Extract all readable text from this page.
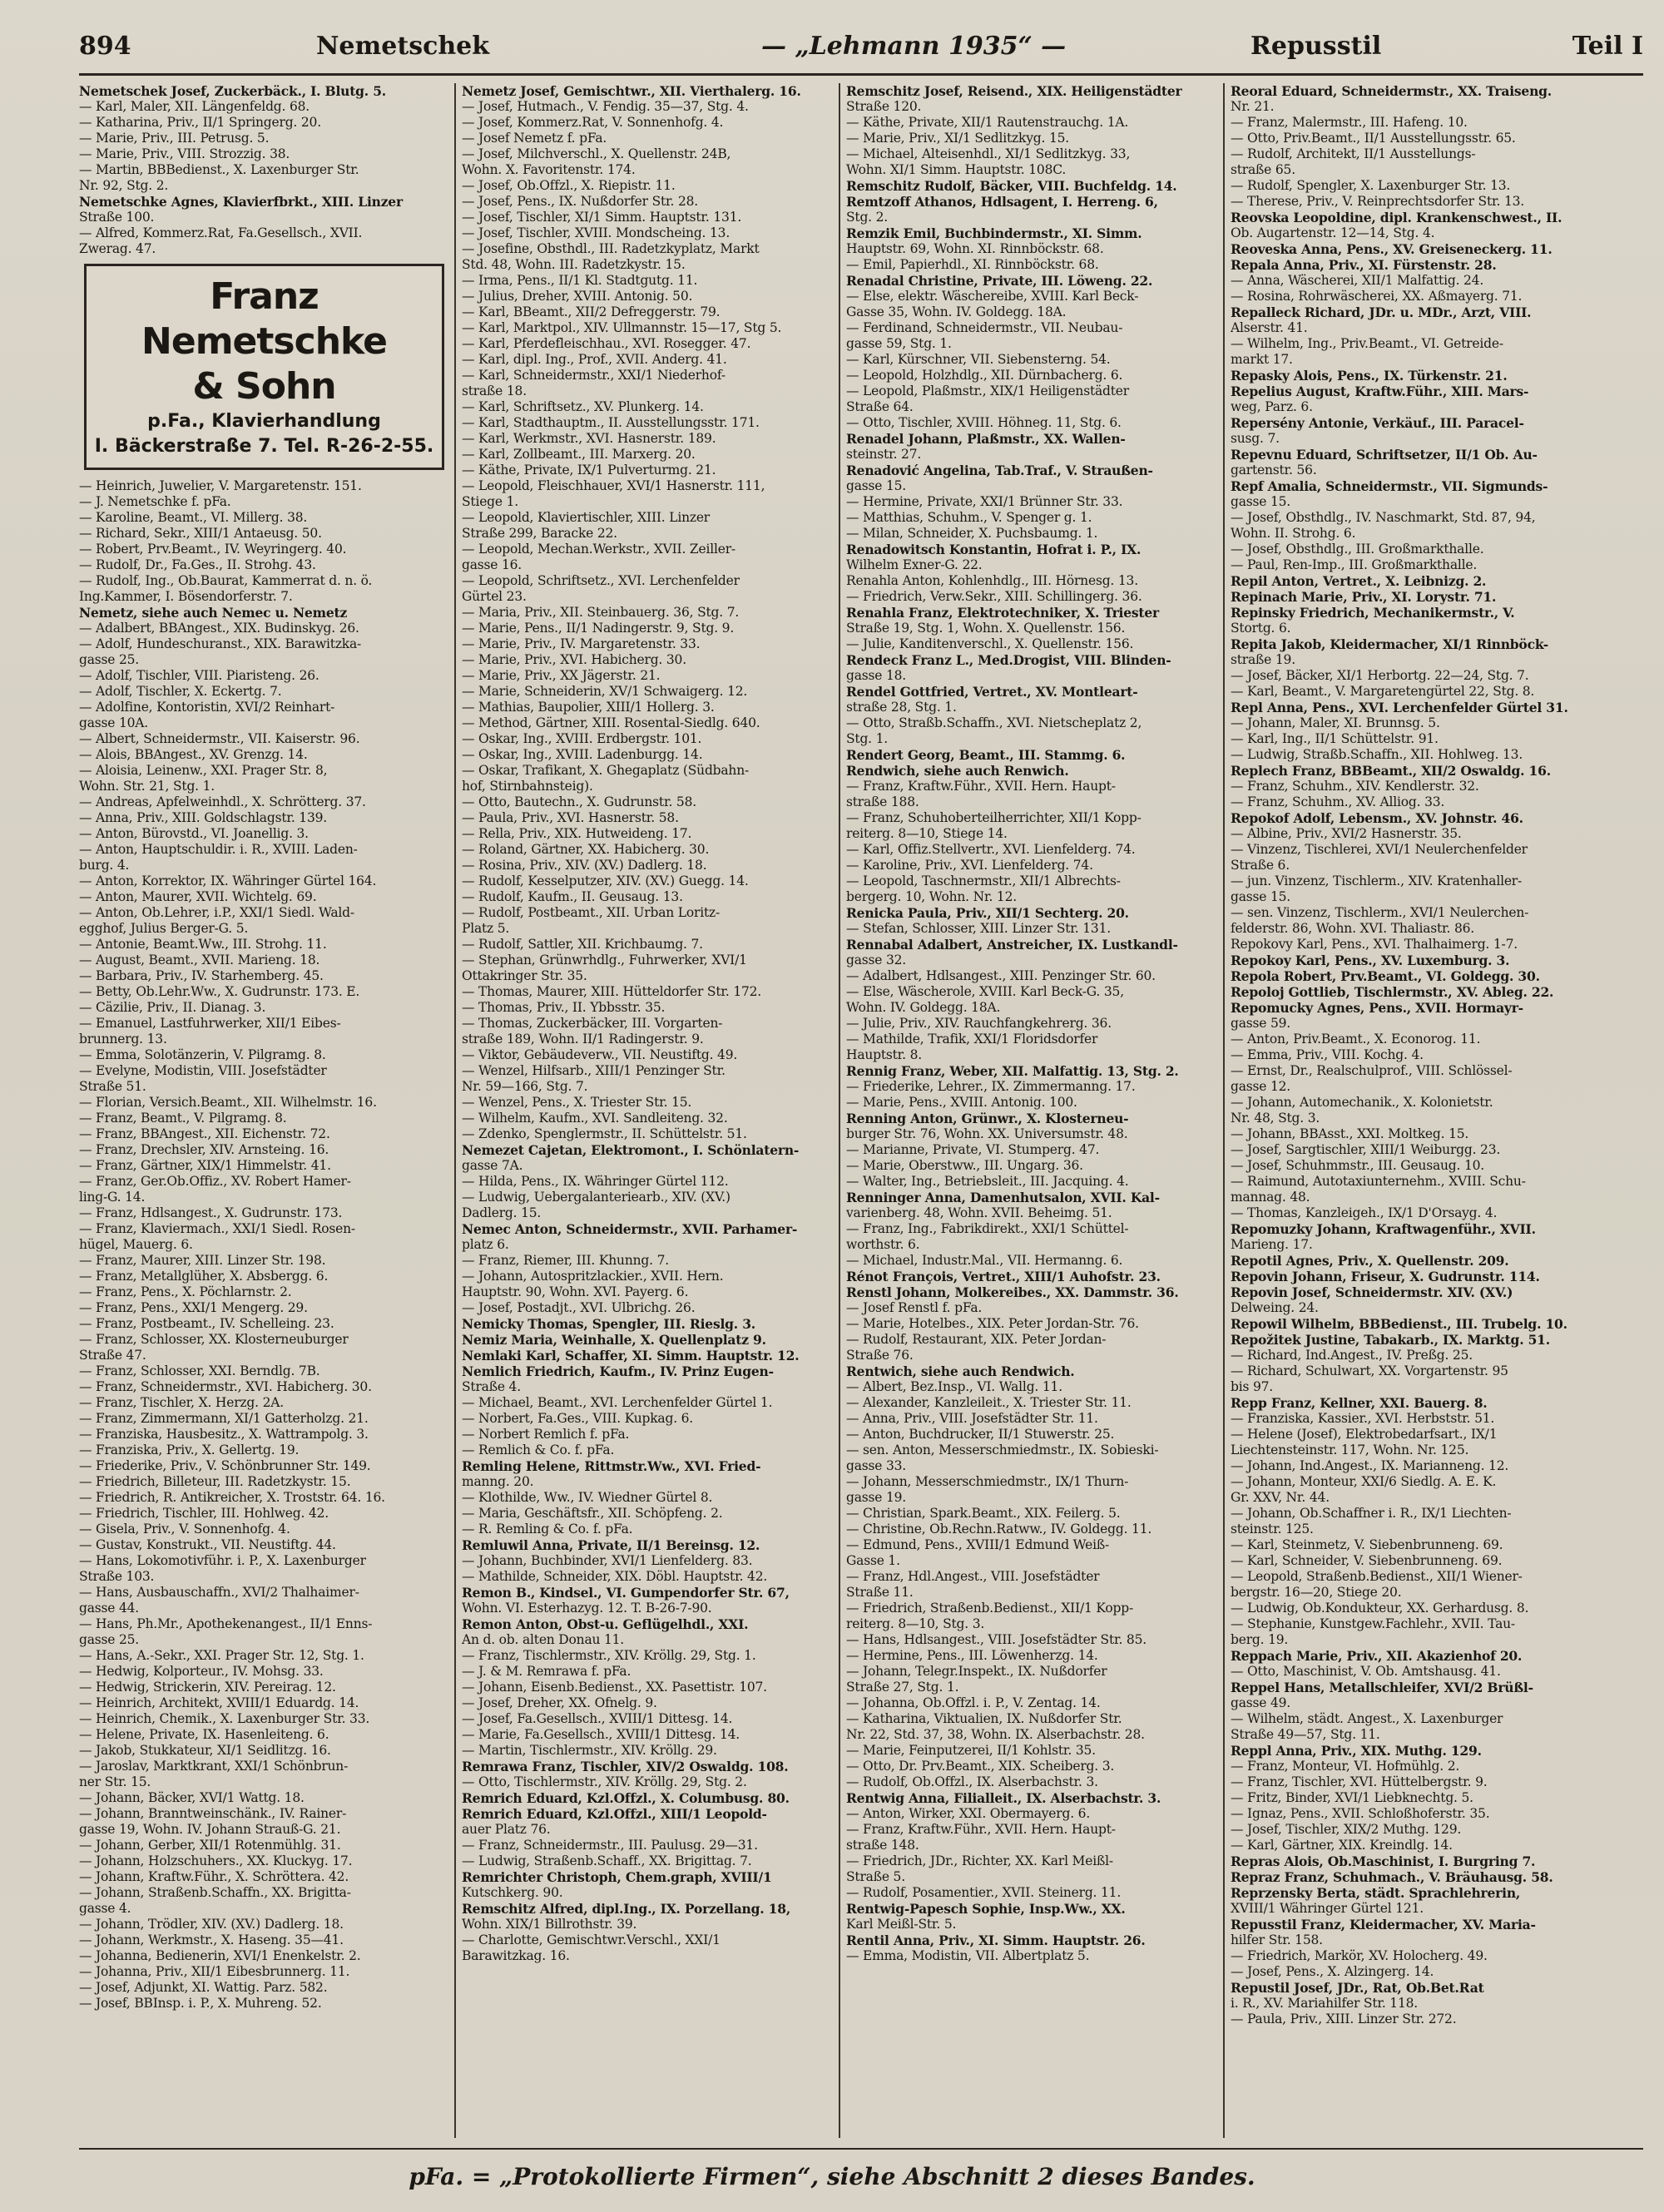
894	Nemetschek	— „Lehmann 1935“ —	Repusstil	Teil I
Nemetschek Josef, Zuckerbäck., I. Blutg. 5.
— Karl, Maler, XII. Längenfeldg. 68.
— Katharina, Priv., II/1 Springerg. 20.
— Marie, Priv., III. Petrusg. 5.
— Marie, Priv., VIII. Strozzig. 38.
— Martin, BBBedienst., X. Laxenburger Str.
Nr. 92, Stg. 2.
Nemetschke Agnes, Klavierfbrkt., XIII. Linzer
Straße 100.
— Alfred, Kommerz.Rat, Fa.Gesellsch., XVII.
Zwerag. 47.
Franz Nemetschke
& Sohn
p.Fa., Klavierhandlung
I. Bäckerstraße 7. Tel. R-26-2-55.
— Heinrich, Juwelier, V. Margaretenstr. 151.
— J. Nemetschke f. pFa.
— Karoline, Beamt., VI. Millerg. 38.
— Richard, Sekr., XIII/1 Antaeusg. 50.
— Robert, Prv.Beamt., IV. Weyringerg. 40.
— Rudolf, Dr., Fa.Ges., II. Strohg. 43.
— Rudolf, Ing., Ob.Baurat, Kammerrat d. n. ö.
Ing.Kammer, I. Bösendorferstr. 7.
Nemetz, siehe auch Nemec u. Nemetz
— Adalbert, BBAngest., XIX. Budinskyg. 26.
— Adolf, Hundeschuranst., XIX. Barawitzka-
gasse 25.
— Adolf, Tischler, VIII. Piaristeng. 26.
— Adolf, Tischler, X. Eckertg. 7.
— Adolfine, Kontoristin, XVI/2 Reinhart-
gasse 10A.
— Albert, Schneidermstr., VII. Kaiserstr. 96.
— Alois, BBAngest., XV. Grenzg. 14.
— Aloisia, Leinenw., XXI. Prager Str. 8,
Wohn. Str. 21, Stg. 1.
— Andreas, Apfelweinhdl., X. Schrötterg. 37.
— Anna, Priv., XIII. Goldschlagstr. 139.
— Anton, Bürovstd., VI. Joanellig. 3.
— Anton, Hauptschuldir. i. R., XVIII. Laden-
burg. 4.
— Anton, Korrektor, IX. Währinger Gürtel 164.
— Anton, Maurer, XVII. Wichtelg. 69.
— Anton, Ob.Lehrer, i.P., XXI/1 Siedl. Wald-
egghof, Julius Berger-G. 5.
— Antonie, Beamt.Ww., III. Strohg. 11.
— August, Beamt., XVII. Marieng. 18.
— Barbara, Priv., IV. Starhemberg. 45.
— Betty, Ob.Lehr.Ww., X. Gudrunstr. 173. E.
— Cäzilie, Priv., II. Dianag. 3.
— Emanuel, Lastfuhrwerker, XII/1 Eibes-
brunnerg. 13.
— Emma, Solotänzerin, V. Pilgramg. 8.
— Evelyne, Modistin, VIII. Josefstädter
Straße 51.
— Florian, Versich.Beamt., XII. Wilhelmstr. 16.
— Franz, Beamt., V. Pilgramg. 8.
— Franz, BBAngest., XII. Eichenstr. 72.
— Franz, Drechsler, XIV. Arnsteing. 16.
— Franz, Gärtner, XIX/1 Himmelstr. 41.
— Franz, Ger.Ob.Offiz., XV. Robert Hamer-
ling-G. 14.
— Franz, Hdlsangest., X. Gudrunstr. 173.
— Franz, Klaviermach., XXI/1 Siedl. Rosen-
hügel, Mauerg. 6.
— Franz, Maurer, XIII. Linzer Str. 198.
— Franz, Metallglüher, X. Absbergg. 6.
— Franz, Pens., X. Pöchlarnstr. 2.
— Franz, Pens., XXI/1 Mengerg. 29.
— Franz, Postbeamt., IV. Schelleing. 23.
— Franz, Schlosser, XX. Klosterneuburger
Straße 47.
— Franz, Schlosser, XXI. Berndlg. 7B.
— Franz, Schneidermstr., XVI. Habicherg. 30.
— Franz, Tischler, X. Herzg. 2A.
— Franz, Zimmermann, XI/1 Gatterholzg. 21.
— Franziska, Hausbesitz., X. Wattrampolg. 3.
— Franziska, Priv., X. Gellertg. 19.
— Friederike, Priv., V. Schönbrunner Str. 149.
— Friedrich, Billeteur, III. Radetzkystr. 15.
— Friedrich, R. Antikreicher, X. Troststr. 64. 16.
— Friedrich, Tischler, III. Hohlweg. 42.
— Gisela, Priv., V. Sonnenhofg. 4.
— Gustav, Konstrukt., VII. Neustiftg. 44.
— Hans, Lokomotivführ. i. P., X. Laxenburger
Straße 103.
— Hans, Ausbauschaffn., XVI/2 Thalhaimer-
gasse 44.
— Hans, Ph.Mr., Apothekenangest., II/1 Enns-
gasse 25.
— Hans, A.-Sekr., XXI. Prager Str. 12, Stg. 1.
— Hedwig, Kolporteur., IV. Mohsg. 33.
— Hedwig, Strickerin, XIV. Pereirag. 12.
— Heinrich, Architekt, XVIII/1 Eduardg. 14.
— Heinrich, Chemik., X. Laxenburger Str. 33.
— Helene, Private, IX. Hasenleiteng. 6.
— Jakob, Stukkateur, XI/1 Seidlitzg. 16.
— Jaroslav, Marktkrant, XXI/1 Schönbrun-
ner Str. 15.
— Johann, Bäcker, XVI/1 Wattg. 18.
— Johann, Branntweinschänk., IV. Rainer-
gasse 19, Wohn. IV. Johann Strauß-G. 21.
— Johann, Gerber, XII/1 Rotenmühlg. 31.
— Johann, Holzschuhers., XX. Kluckyg. 17.
— Johann, Kraftw.Führ., X. Schröttera. 42.
— Johann, Straßenb.Schaffn., XX. Brigitta-
gasse 4.
— Johann, Trödler, XIV. (XV.) Dadlerg. 18.
— Johann, Werkmstr., X. Haseng. 35—41.
— Johanna, Bedienerin, XVI/1 Enenkelstr. 2.
— Johanna, Priv., XII/1 Eibesbrunnerg. 11.
— Josef, Adjunkt, XI. Wattig. Parz. 582.
— Josef, BBInsp. i. P., X. Muhreng. 52.
Nemetz Josef, Gemischtwr., XII. Vierthalerg. 16.
— Josef, Hutmach., V. Fendig. 35—37, Stg. 4.
— Josef, Kommerz.Rat, V. Sonnenhofg. 4.
— Josef Nemetz f. pFa.
— Josef, Milchverschl., X. Quellenstr. 24B,
Wohn. X. Favoritenstr. 174.
— Josef, Ob.Offzl., X. Riepistr. 11.
— Josef, Pens., IX. Nußdorfer Str. 28.
— Josef, Tischler, XI/1 Simm. Hauptstr. 131.
— Josef, Tischler, XVIII. Mondscheing. 13.
— Josefine, Obsthdl., III. Radetzkyplatz, Markt
Std. 48, Wohn. III. Radetzkystr. 15.
— Irma, Pens., II/1 Kl. Stadtgutg. 11.
— Julius, Dreher, XVIII. Antonig. 50.
— Karl, BBeamt., XII/2 Defreggerstr. 79.
— Karl, Marktpol., XIV. Ullmannstr. 15—17, Stg 5.
— Karl, Pferdefleischhau., XVI. Rosegger. 47.
— Karl, dipl. Ing., Prof., XVII. Anderg. 41.
— Karl, Schneidermstr., XXI/1 Niederhof-
straße 18.
— Karl, Schriftsetz., XV. Plunkerg. 14.
— Karl, Stadthauptm., II. Ausstellungsstr. 171.
— Karl, Werkmstr., XVI. Hasnerstr. 189.
— Karl, Zollbeamt., III. Marxerg. 20.
— Käthe, Private, IX/1 Pulverturmg. 21.
— Leopold, Fleischhauer, XVI/1 Hasnerstr. 111,
Stiege 1.
— Leopold, Klaviertischler, XIII. Linzer
Straße 299, Baracke 22.
— Leopold, Mechan.Werkstr., XVII. Zeiller-
gasse 16.
— Leopold, Schriftsetz., XVI. Lerchenfelder
Gürtel 23.
— Maria, Priv., XII. Steinbauerg. 36, Stg. 7.
— Marie, Pens., II/1 Nadingerstr. 9, Stg. 9.
— Marie, Priv., IV. Margaretenstr. 33.
— Marie, Priv., XVI. Habicherg. 30.
— Marie, Priv., XX Jägerstr. 21.
— Marie, Schneiderin, XV/1 Schwaigerg. 12.
— Mathias, Baupolier, XIII/1 Hollerg. 3.
— Method, Gärtner, XIII. Rosental-Siedlg. 640.
— Oskar, Ing., XVIII. Erdbergstr. 101.
— Oskar, Ing., XVIII. Ladenburgg. 14.
— Oskar, Trafikant, X. Ghegaplatz (Südbahn-
hof, Stirnbahnsteig).
— Otto, Bautechn., X. Gudrunstr. 58.
— Paula, Priv., XVI. Hasnerstr. 58.
— Rella, Priv., XIX. Hutweideng. 17.
— Roland, Gärtner, XX. Habicherg. 30.
— Rosina, Priv., XIV. (XV.) Dadlerg. 18.
— Rudolf, Kesselputzer, XIV. (XV.) Guegg. 14.
— Rudolf, Kaufm., II. Geusaug. 13.
— Rudolf, Postbeamt., XII. Urban Loritz-
Platz 5.
— Rudolf, Sattler, XII. Krichbaumg. 7.
— Stephan, Grünwrhdlg., Fuhrwerker, XVI/1
Ottakringer Str. 35.
— Thomas, Maurer, XIII. Hütteldorfer Str. 172.
— Thomas, Priv., II. Ybbsstr. 35.
— Thomas, Zuckerbäcker, III. Vorgarten-
straße 189, Wohn. II/1 Radingerstr. 9.
— Viktor, Gebäudeverw., VII. Neustiftg. 49.
— Wenzel, Hilfsarb., XIII/1 Penzinger Str.
Nr. 59—166, Stg. 7.
— Wenzel, Pens., X. Triester Str. 15.
— Wilhelm, Kaufm., XVI. Sandleiteng. 32.
— Zdenko, Spenglermstr., II. Schüttelstr. 51.
Nemezet Cajetan, Elektromont., I. Schönlatern-
gasse 7A.
— Hilda, Pens., IX. Währinger Gürtel 112.
— Ludwig, Uebergalanteriearb., XIV. (XV.)
Dadlerg. 15.
Nemec Anton, Schneidermstr., XVII. Parhamer-
platz 6.
— Franz, Riemer, III. Khunng. 7.
— Johann, Autospritzlackier., XVII. Hern.
Hauptstr. 90, Wohn. XVI. Payerg. 6.
— Josef, Postadjt., XVI. Ulbrichg. 26.
Nemicky Thomas, Spengler, III. Rieslg. 3.
Nemiz Maria, Weinhalle, X. Quellenplatz 9.
Nemlaki Karl, Schaffer, XI. Simm. Hauptstr. 12.
Nemlich Friedrich, Kaufm., IV. Prinz Eugen-
Straße 4.
— Michael, Beamt., XVI. Lerchenfelder Gürtel 1.
— Norbert, Fa.Ges., VIII. Kupkag. 6.
— Norbert Remlich f. pFa.
— Remlich & Co. f. pFa.
Remling Helene, Rittmstr.Ww., XVI. Fried-
manng. 20.
— Klothilde, Ww., IV. Wiedner Gürtel 8.
— Maria, Geschäftsfr., XII. Schöpfeng. 2.
— R. Remling & Co. f. pFa.
Remluwil Anna, Private, II/1 Bereinsg. 12.
— Johann, Buchbinder, XVI/1 Lienfelderg. 83.
— Mathilde, Schneider, XIX. Döbl. Hauptstr. 42.
Remon B., Kindsel., VI. Gumpendorfer Str. 67,
Wohn. VI. Esterhazyg. 12. T. B-26-7-90.
Remon Anton, Obst-u. Geflügelhdl., XXI.
An d. ob. alten Donau 11.
— Franz, Tischlermstr., XIV. Kröllg. 29, Stg. 1.
— J. & M. Remrawa f. pFa.
— Johann, Eisenb.Bedienst., XX. Pasettistr. 107.
— Josef, Dreher, XX. Ofnelg. 9.
— Josef, Fa.Gesellsch., XVIII/1 Dittesg. 14.
— Marie, Fa.Gesellsch., XVIII/1 Dittesg. 14.
— Martin, Tischlermstr., XIV. Kröllg. 29.
Remrawa Franz, Tischler, XIV/2 Oswaldg. 108.
— Otto, Tischlermstr., XIV. Kröllg. 29, Stg. 2.
Remrich Eduard, Kzl.Offzl., X. Columbusg. 80.
Remrich Eduard, Kzl.Offzl., XIII/1 Leopold-
auer Platz 76.
— Franz, Schneidermstr., III. Paulusg. 29—31.
— Ludwig, Straßenb.Schaff., XX. Brigittag. 7.
Remrichter Christoph, Chem.graph, XVIII/1
Kutschkerg. 90.
Remschitz Alfred, dipl.Ing., IX. Porzellang. 18,
Wohn. XIX/1 Billrothstr. 39.
— Charlotte, Gemischtwr.Verschl., XXI/1
Barawitzkag. 16.
Remschitz Josef, Reisend., XIX. Heiligenstädter
Straße 120.
— Käthe, Private, XII/1 Rautenstrauchg. 1A.
— Marie, Priv., XI/1 Sedlitzkyg. 15.
— Michael, Alteisenhdl., XI/1 Sedlitzkyg. 33,
Wohn. XI/1 Simm. Hauptstr. 108C.
Remschitz Rudolf, Bäcker, VIII. Buchfeldg. 14.
Remtzoff Athanos, Hdlsagent, I. Herreng. 6,
Stg. 2.
Remzik Emil, Buchbindermstr., XI. Simm.
Hauptstr. 69, Wohn. XI. Rinnböckstr. 68.
— Emil, Papierhdl., XI. Rinnböckstr. 68.
Renadal Christine, Private, III. Löweng. 22.
— Else, elektr. Wäschereibe, XVIII. Karl Beck-
Gasse 35, Wohn. IV. Goldegg. 18A.
— Ferdinand, Schneidermstr., VII. Neubau-
gasse 59, Stg. 1.
— Karl, Kürschner, VII. Siebensterng. 54.
— Leopold, Holzhdlg., XII. Dürnbacherg. 6.
— Leopold, Plaßmstr., XIX/1 Heiligenstädter
Straße 64.
— Otto, Tischler, XVIII. Höhneg. 11, Stg. 6.
Renadel Johann, Plaßmstr., XX. Wallen-
steinstr. 27.
Renadović Angelina, Tab.Traf., V. Straußen-
gasse 15.
— Hermine, Private, XXI/1 Brünner Str. 33.
— Matthias, Schuhm., V. Spenger g. 1.
— Milan, Schneider, X. Puchsbaumg. 1.
Renadowitsch Konstantin, Hofrat i. P., IX.
Wilhelm Exner-G. 22.
Renahla Anton, Kohlenhdlg., III. Hörnesg. 13.
— Friedrich, Verw.Sekr., XIII. Schillingerg. 36.
Renahla Franz, Elektrotechniker, X. Triester
Straße 19, Stg. 1, Wohn. X. Quellenstr. 156.
— Julie, Kanditenverschl., X. Quellenstr. 156.
Rendeck Franz L., Med.Drogist, VIII. Blinden-
gasse 18.
Rendel Gottfried, Vertret., XV. Montleart-
straße 28, Stg. 1.
— Otto, Straßb.Schaffn., XVI. Nietscheplatz 2,
Stg. 1.
Rendert Georg, Beamt., III. Stammg. 6.
Rendwich, siehe auch Renwich.
— Franz, Kraftw.Führ., XVII. Hern. Haupt-
straße 188.
— Franz, Schuhoberteilherrichter, XII/1 Kopp-
reiterg. 8—10, Stiege 14.
— Karl, Offiz.Stellvertr., XVI. Lienfelderg. 74.
— Karoline, Priv., XVI. Lienfelderg. 74.
— Leopold, Taschnermstr., XII/1 Albrechts-
bergerg. 10, Wohn. Nr. 12.
Renicka Paula, Priv., XII/1 Sechterg. 20.
— Stefan, Schlosser, XIII. Linzer Str. 131.
Rennabal Adalbert, Anstreicher, IX. Lustkandl-
gasse 32.
— Adalbert, Hdlsangest., XIII. Penzinger Str. 60.
— Else, Wäscherole, XVIII. Karl Beck-G. 35,
Wohn. IV. Goldegg. 18A.
— Julie, Priv., XIV. Rauchfangkehrerg. 36.
— Mathilde, Trafik, XXI/1 Floridsdorfer
Hauptstr. 8.
Rennig Franz, Weber, XII. Malfattig. 13, Stg. 2.
— Friederike, Lehrer., IX. Zimmermanng. 17.
— Marie, Pens., XVIII. Antonig. 100.
Renning Anton, Grünwr., X. Klosterneu-
burger Str. 76, Wohn. XX. Universumstr. 48.
— Marianne, Private, VI. Stumperg. 47.
— Marie, Oberstww., III. Ungarg. 36.
— Walter, Ing., Betriebsleit., III. Jacquing. 4.
Renninger Anna, Damenhutsalon, XVII. Kal-
varienberg. 48, Wohn. XVII. Beheimg. 51.
— Franz, Ing., Fabrikdirekt., XXI/1 Schüttel-
worthstr. 6.
— Michael, Industr.Mal., VII. Hermanng. 6.
Rénot François, Vertret., XIII/1 Auhofstr. 23.
Renstl Johann, Molkereibes., XX. Dammstr. 36.
— Josef Renstl f. pFa.
— Marie, Hotelbes., XIX. Peter Jordan-Str. 76.
— Rudolf, Restaurant, XIX. Peter Jordan-
Straße 76.
Rentwich, siehe auch Rendwich.
— Albert, Bez.Insp., VI. Wallg. 11.
— Alexander, Kanzleileit., X. Triester Str. 11.
— Anna, Priv., VIII. Josefstädter Str. 11.
— Anton, Buchdrucker, II/1 Stuwerstr. 25.
— sen. Anton, Messerschmiedmstr., IX. Sobieski-
gasse 33.
— Johann, Messerschmiedmstr., IX/1 Thurn-
gasse 19.
— Christian, Spark.Beamt., XIX. Feilerg. 5.
— Christine, Ob.Rechn.Ratww., IV. Goldegg. 11.
— Edmund, Pens., XVIII/1 Edmund Weiß-
Gasse 1.
— Franz, Hdl.Angest., VIII. Josefstädter
Straße 11.
— Friedrich, Straßenb.Bedienst., XII/1 Kopp-
reiterg. 8—10, Stg. 3.
— Hans, Hdlsangest., VIII. Josefstädter Str. 85.
— Hermine, Pens., III. Löwenherzg. 14.
— Johann, Telegr.Inspekt., IX. Nußdorfer
Straße 27, Stg. 1.
— Johanna, Ob.Offzl. i. P., V. Zentag. 14.
— Katharina, Viktualien, IX. Nußdorfer Str.
Nr. 22, Std. 37, 38, Wohn. IX. Alserbachstr. 28.
— Marie, Feinputzerei, II/1 Kohlstr. 35.
— Otto, Dr. Prv.Beamt., XIX. Scheiberg. 3.
— Rudolf, Ob.Offzl., IX. Alserbachstr. 3.
Rentwig Anna, Filialleit., IX. Alserbachstr. 3.
— Anton, Wirker, XXI. Obermayerg. 6.
— Franz, Kraftw.Führ., XVII. Hern. Haupt-
straße 148.
— Friedrich, JDr., Richter, XX. Karl Meißl-
Straße 5.
— Rudolf, Posamentier., XVII. Steinerg. 11.
Rentwig-Papesch Sophie, Insp.Ww., XX.
Karl Meißl-Str. 5.
Rentil Anna, Priv., XI. Simm. Hauptstr. 26.
— Emma, Modistin, VII. Albertplatz 5.
Reoral Eduard, Schneidermstr., XX. Traiseng.
Nr. 21.
— Franz, Malermstr., III. Hafeng. 10.
— Otto, Priv.Beamt., II/1 Ausstellungsstr. 65.
— Rudolf, Architekt, II/1 Ausstellungs-
straße 65.
— Rudolf, Spengler, X. Laxenburger Str. 13.
— Therese, Priv., V. Reinprechtsdorfer Str. 13.
Reovska Leopoldine, dipl. Krankenschwest., II.
Ob. Augartenstr. 12—14, Stg. 4.
Reoveska Anna, Pens., XV. Greiseneckerg. 11.
Repala Anna, Priv., XI. Fürstenstr. 28.
— Anna, Wäscherei, XII/1 Malfattig. 24.
— Rosina, Rohrwäscherei, XX. Aßmayerg. 71.
Repalleck Richard, JDr. u. MDr., Arzt, VIII.
Alserstr. 41.
— Wilhelm, Ing., Priv.Beamt., VI. Getreide-
markt 17.
Repasky Alois, Pens., IX. Türkenstr. 21.
Repelius August, Kraftw.Führ., XIII. Mars-
weg, Parz. 6.
Repersény Antonie, Verkäuf., III. Paracel-
susg. 7.
Repevnu Eduard, Schriftsetzer, II/1 Ob. Au-
gartenstr. 56.
Repf Amalia, Schneidermstr., VII. Sigmunds-
gasse 15.
— Josef, Obsthdlg., IV. Naschmarkt, Std. 87, 94,
Wohn. II. Strohg. 6.
— Josef, Obsthdlg., III. Großmarkthalle.
— Paul, Ren-Imp., III. Großmarkthalle.
Repil Anton, Vertret., X. Leibnizg. 2.
Repinach Marie, Priv., XI. Lorystr. 71.
Repinsky Friedrich, Mechanikermstr., V.
Stortg. 6.
Repita Jakob, Kleidermacher, XI/1 Rinnböck-
straße 19.
— Josef, Bäcker, XI/1 Herbortg. 22—24, Stg. 7.
— Karl, Beamt., V. Margaretengürtel 22, Stg. 8.
Repl Anna, Pens., XVI. Lerchenfelder Gürtel 31.
— Johann, Maler, XI. Brunnsg. 5.
— Karl, Ing., II/1 Schüttelstr. 91.
— Ludwig, Straßb.Schaffn., XII. Hohlweg. 13.
Replech Franz, BBBeamt., XII/2 Oswaldg. 16.
— Franz, Schuhm., XIV. Kendlerstr. 32.
— Franz, Schuhm., XV. Alliog. 33.
Repokof Adolf, Lebensm., XV. Johnstr. 46.
— Albine, Priv., XVI/2 Hasnerstr. 35.
— Vinzenz, Tischlerei, XVI/1 Neulerchenfelder
Straße 6.
— jun. Vinzenz, Tischlerm., XIV. Kratenhaller-
gasse 15.
— sen. Vinzenz, Tischlerm., XVI/1 Neulerchen-
felderstr. 86, Wohn. XVI. Thaliastr. 86.
Repokovy Karl, Pens., XVI. Thalhaimerg. 1-7.
Repokoy Karl, Pens., XV. Luxemburg. 3.
Repola Robert, Prv.Beamt., VI. Goldegg. 30.
Repoloj Gottlieb, Tischlermstr., XV. Ableg. 22.
Repomucky Agnes, Pens., XVII. Hormayr-
gasse 59.
— Anton, Priv.Beamt., X. Econorog. 11.
— Emma, Priv., VIII. Kochg. 4.
— Ernst, Dr., Realschulprof., VIII. Schlössel-
gasse 12.
— Johann, Automechanik., X. Kolonietstr.
Nr. 48, Stg. 3.
— Johann, BBAsst., XXI. Moltkeg. 15.
— Josef, Sargtischler, XIII/1 Weiburgg. 23.
— Josef, Schuhmmstr., III. Geusaug. 10.
— Raimund, Autotaxiunternehm., XVIII. Schu-
mannag. 48.
— Thomas, Kanzleigeh., IX/1 D'Orsayg. 4.
Repomuzky Johann, Kraftwagenführ., XVII.
Marieng. 17.
Repotil Agnes, Priv., X. Quellenstr. 209.
Repovin Johann, Friseur, X. Gudrunstr. 114.
Repovin Josef, Schneidermstr. XIV. (XV.)
Delweing. 24.
Repowil Wilhelm, BBBedienst., III. Trubelg. 10.
Repožitek Justine, Tabakarb., IX. Marktg. 51.
— Richard, Ind.Angest., IV. Preßg. 25.
— Richard, Schulwart, XX. Vorgartenstr. 95
bis 97.
Repp Franz, Kellner, XXI. Bauerg. 8.
— Franziska, Kassier., XVI. Herbststr. 51.
— Helene (Josef), Elektrobedarfsart., IX/1
Liechtensteinstr. 117, Wohn. Nr. 125.
— Johann, Ind.Angest., IX. Marianneng. 12.
— Johann, Monteur, XXI/6 Siedlg. A. E. K.
Gr. XXV, Nr. 44.
— Johann, Ob.Schaffner i. R., IX/1 Liechten-
steinstr. 125.
— Karl, Steinmetz, V. Siebenbrunneng. 69.
— Karl, Schneider, V. Siebenbrunneng. 69.
— Leopold, Straßenb.Bedienst., XII/1 Wiener-
bergstr. 16—20, Stiege 20.
— Ludwig, Ob.Kondukteur, XX. Gerhardusg. 8.
— Stephanie, Kunstgew.Fachlehr., XVII. Tau-
berg. 19.
Reppach Marie, Priv., XII. Akazienhof 20.
— Otto, Maschinist, V. Ob. Amtshausg. 41.
Reppel Hans, Metallschleifer, XVI/2 Brüßl-
gasse 49.
— Wilhelm, städt. Angest., X. Laxenburger
Straße 49—57, Stg. 11.
Reppl Anna, Priv., XIX. Muthg. 129.
— Franz, Monteur, VI. Hofmühlg. 2.
— Franz, Tischler, XVI. Hüttelbergstr. 9.
— Fritz, Binder, XVI/1 Liebknechtg. 5.
— Ignaz, Pens., XVII. Schloßhoferstr. 35.
— Josef, Tischler, XIX/2 Muthg. 129.
— Karl, Gärtner, XIX. Kreindlg. 14.
Repras Alois, Ob.Maschinist, I. Burgring 7.
Repraz Franz, Schuhmach., V. Bräuhausg. 58.
Reprzensky Berta, städt. Sprachlehrerin,
XVIII/1 Währinger Gürtel 121.
Repusstil Franz, Kleidermacher, XV. Maria-
hilfer Str. 158.
— Friedrich, Markör, XV. Holocherg. 49.
— Josef, Pens., X. Alzingerg. 14.
Repustil Josef, JDr., Rat, Ob.Bet.Rat
i. R., XV. Mariahilfer Str. 118.
— Paula, Priv., XIII. Linzer Str. 272.
pFa. = „Protokollierte Firmen“, siehe Abschnitt 2 dieses Bandes.
